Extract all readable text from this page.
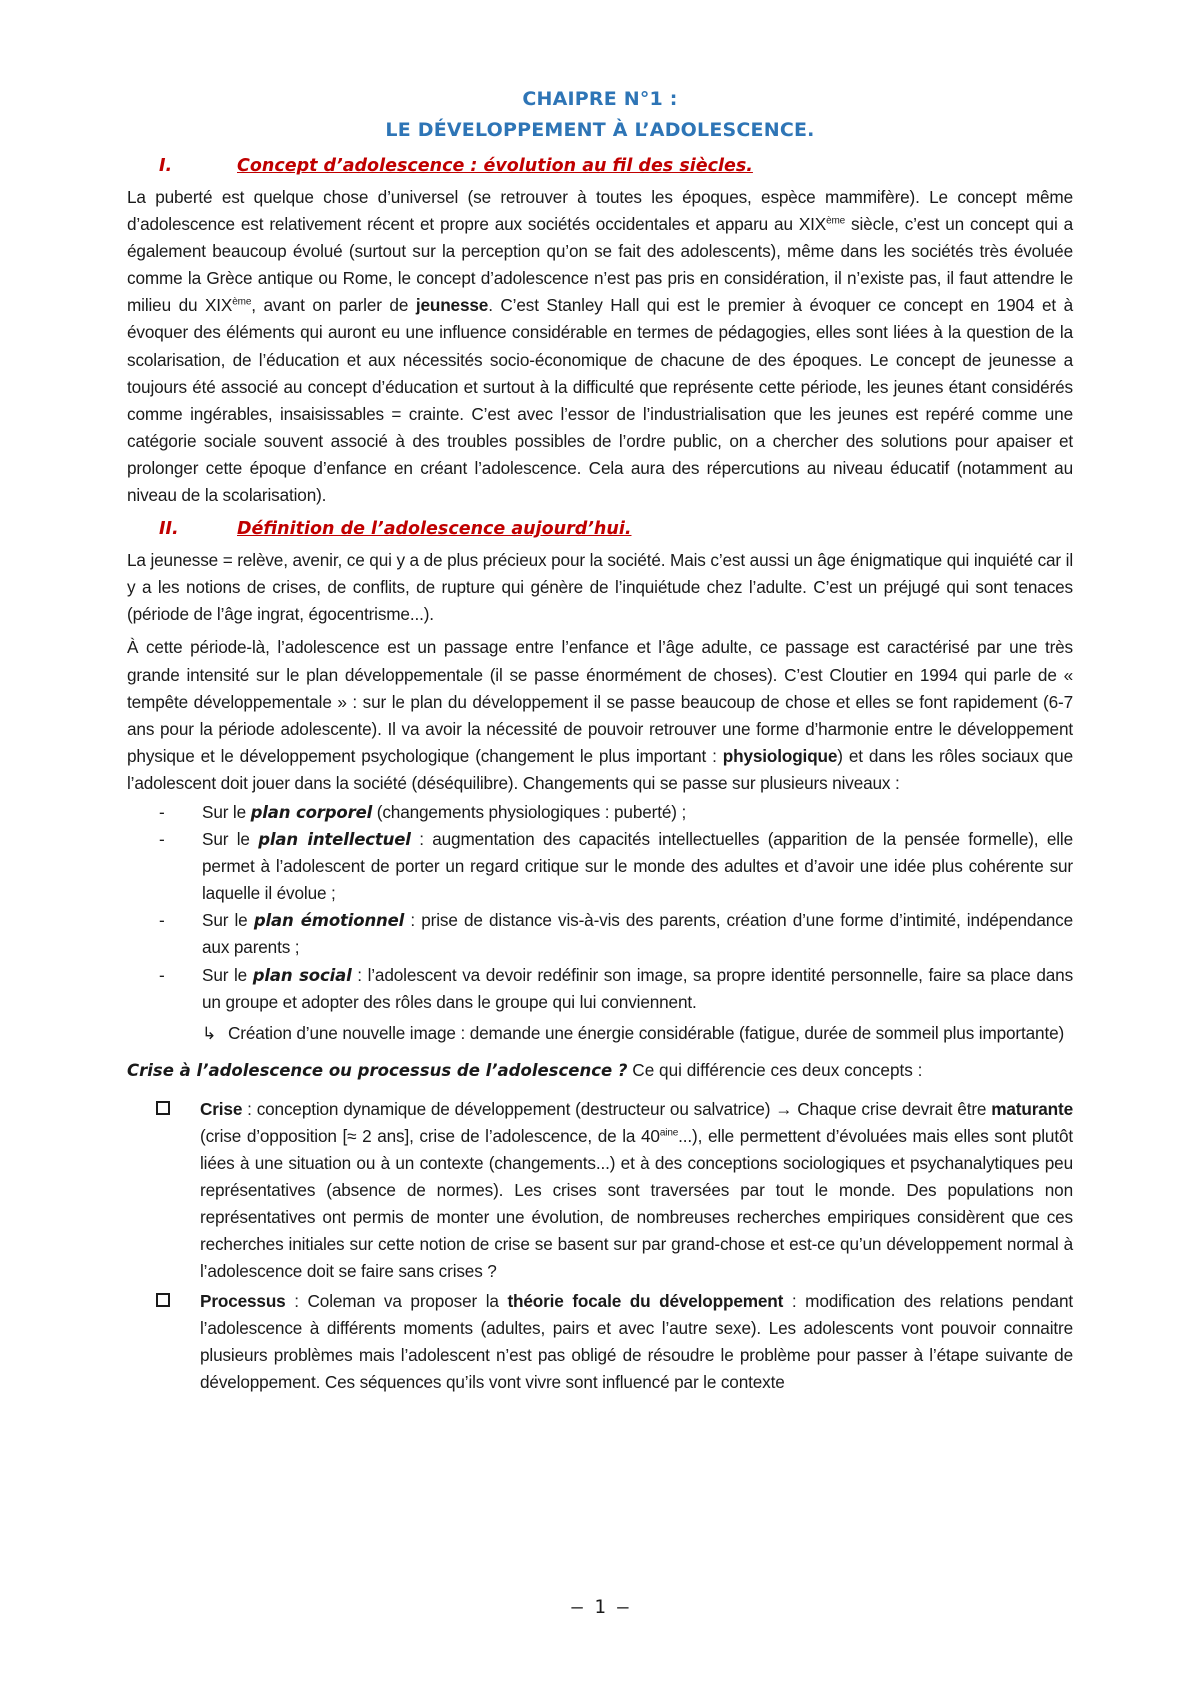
CHAIPRE N°1 :
LE DÉVELOPPEMENT À L’ADOLESCENCE.
I.	Concept d’adolescence : évolution au fil des siècles.

La puberté est quelque chose d’universel (se retrouver à toutes les époques, espèce mammifère). Le concept même d’adolescence est relativement récent et propre aux sociétés occidentales et apparu au XIXème siècle, c’est un concept qui a également beaucoup évolué (surtout sur la perception qu’on se fait des adolescents), même dans les sociétés très évoluée comme la Grèce antique ou Rome, le concept d’adolescence n’est pas pris en considération, il n’existe pas, il faut attendre le milieu du XIXème, avant on parler de jeunesse. C’est Stanley Hall qui est le premier à évoquer ce concept en 1904 et à évoquer des éléments qui auront eu une influence considérable en termes de pédagogies, elles sont liées à la question de la scolarisation, de l’éducation et aux nécessités socio-économique de chacune de des époques. Le concept de jeunesse a toujours été associé au concept d’éducation et surtout à la difficulté que représente cette période, les jeunes étant considérés comme ingérables, insaisissables = crainte. C’est avec l’essor de l’industrialisation que les jeunes est repéré comme une catégorie sociale souvent associé à des troubles possibles de l’ordre public, on a chercher des solutions pour apaiser et prolonger cette époque d’enfance en créant l’adolescence. Cela aura des répercutions au niveau éducatif (notamment au niveau de la scolarisation).

II.	Définition de l’adolescence aujourd’hui.

La jeunesse = relève, avenir, ce qui y a de plus précieux pour la société. Mais c’est aussi un âge énigmatique qui inquiété car il y a les notions de crises, de conflits, de rupture qui génère de l’inquiétude chez l’adulte. C’est un préjugé qui sont tenaces (période de l’âge ingrat, égocentrisme...).

À cette période-là, l’adolescence est un passage entre l’enfance et l’âge adulte, ce passage est caractérisé par une très grande intensité sur le plan développementale (il se passe énormément de choses). C’est Cloutier en 1994 qui parle de « tempête développementale » : sur le plan du développement il se passe beaucoup de chose et elles se font rapidement (6-7 ans pour la période adolescente). Il va avoir la nécessité de pouvoir retrouver une forme d’harmonie entre le développement physique et le développement psychologique (changement le plus important : physiologique) et dans les rôles sociaux que l’adolescent doit jouer dans la société (déséquilibre). Changements qui se passe sur plusieurs niveaux :

- Sur le plan corporel (changements physiologiques : puberté) ;
- Sur le plan intellectuel : augmentation des capacités intellectuelles (apparition de la pensée formelle), elle permet à l’adolescent de porter un regard critique sur le monde des adultes et d’avoir une idée plus cohérente sur laquelle il évolue ;
- Sur le plan émotionnel : prise de distance vis-à-vis des parents, création d’une forme d’intimité, indépendance aux parents ;
- Sur le plan social : l’adolescent va devoir redéfinir son image, sa propre identité personnelle, faire sa place dans un groupe et adopter des rôles dans le groupe qui lui conviennent.
↳ Création d’une nouvelle image : demande une énergie considérable (fatigue, durée de sommeil plus importante)
Crise à l’adolescence ou processus de l’adolescence ? Ce qui différencie ces deux concepts :
Crise : conception dynamique de développement (destructeur ou salvatrice) → Chaque crise devrait être maturante (crise d’opposition [≈ 2 ans], crise de l’adolescence, de la $40^{aine}$...), elle permettent d’évoluées mais elles sont plutôt liées à une situation ou à un contexte (changements...) et à des conceptions sociologiques et psychanalytiques peu représentatives (absence de normes). Les crises sont traversées par tout le monde. Des populations non représentatives ont permis de monter une évolution, de nombreuses recherches empiriques considèrent que ces recherches initiales sur cette notion de crise se basent sur par grand-chose et est-ce qu’un développement normal à l’adolescence doit se faire sans crises ?
Processus : Coleman va proposer la théorie focale du développement : modification des relations pendant l’adolescence à différents moments (adultes, pairs et avec l’autre sexe). Les adolescents vont pouvoir connaitre plusieurs problèmes mais l’adolescent n’est pas obligé de résoudre le problème pour passer à l’étape suivante de développement. Ces séquences qu’ils vont vivre sont influencé par le contexte
– 1 –
